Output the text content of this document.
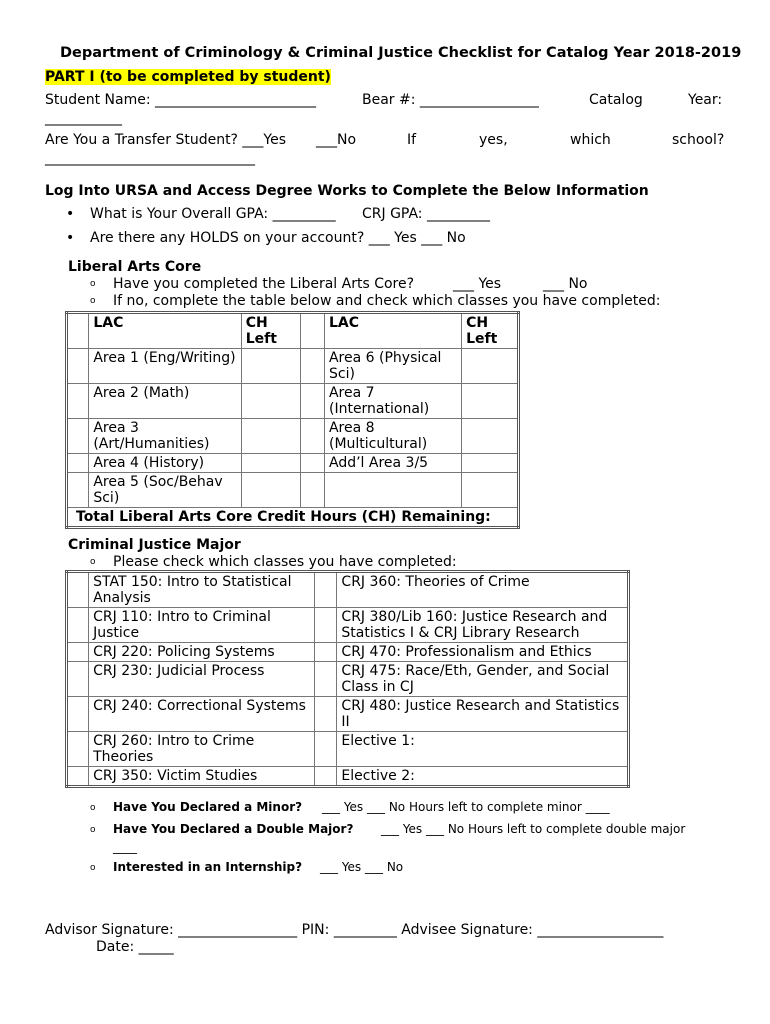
Department of Criminology & Criminal Justice Checklist for Catalog Year 2018-2019
PART I (to be completed by student)
Student Name: _______________________	Bear #: _________________	Catalog	Year:
___________
Are You a Transfer Student? ___Yes ___No	If	yes,	which	school?
______________________________
Log Into URSA and Access Degree Works to Complete the Below Information
• What is Your Overall GPA: _________ CRJ GPA: _________
• Are there any HOLDS on your account? ___ Yes ___ No
Liberal Arts Core
o Have you completed the Liberal Arts Core?	___ Yes	___ No
o If no, complete the table below and check which classes you have completed:
	LAC	CH Left		LAC	CH Left
	Area 1 (Eng/Writing)			Area 6 (Physical Sci)	
	Area 2 (Math)			Area 7 (International)	
	Area 3 (Art/Humanities)			Area 8 (Multicultural)	
	Area 4 (History)			Add’l Area 3/5	
	Area 5 (Soc/Behav Sci)				
Total Liberal Arts Core Credit Hours (CH) Remaining:					
Criminal Justice Major
o Please check which classes you have completed:
	STAT 150: Intro to Statistical Analysis		CRJ 360: Theories of Crime
	CRJ 110: Intro to Criminal Justice		CRJ 380/Lib 160: Justice Research and Statistics I & CRJ Library Research
	CRJ 220: Policing Systems		CRJ 470: Professionalism and Ethics
	CRJ 230: Judicial Process		CRJ 475: Race/Eth, Gender, and Social Class in CJ
	CRJ 240: Correctional Systems		CRJ 480: Justice Research and Statistics II
	CRJ 260: Intro to Crime Theories		Elective 1:
	CRJ 350: Victim Studies		Elective 2:
o Have You Declared a Minor? ___ Yes ___ No Hours left to complete minor ____
o Have You Declared a Double Major? ___ Yes ___ No Hours left to complete double major
____
o Interested in an Internship? ___ Yes ___ No
Advisor Signature: _________________ PIN: _________ Advisee Signature: __________________
Date: _____
